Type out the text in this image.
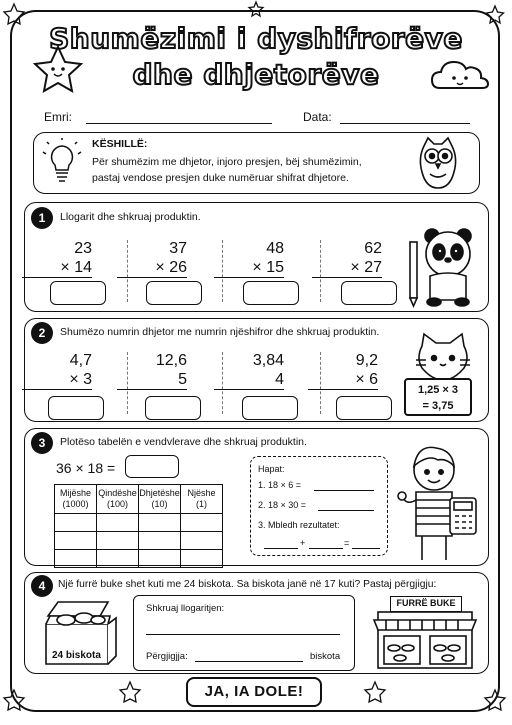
Shumëzimi i dyshifrorëve
dhe dhjetorëve
Emri:	Data:
KËSHILLË:
Për shumëzim me dhjetor, injoro presjen, bëj shumëzimin,
pastaj vendose presjen duke numëruar shifrat dhjetore.
1	Llogarit dhe shkruaj produktin.
23
× 14
37
× 26
48
× 15
62
× 27
2	Shumëzo numrin dhjetor me numrin njëshifror dhe shkruaj produktin.
4,7
× 3
12,6
5
3,84
4
9,2
× 6
1,25 × 3
= 3,75
3	Plotëso tabelën e vendvlerave dhe shkruaj produktin.
36 × 18 =
Mijëshe
(1000)	Qindëshe
(100)	Dhjetëshe
(10)	Njëshe
(1)

Hapat:
1. 18 × 6 =
2. 18 × 30 =
3. Mbledh rezultatet:
+	=
4	Një furrë buke shet kuti me 24 biskota. Sa biskota janë në 17 kuti? Pastaj përgjigju:
24 biskota
Shkruaj llogaritjen:
Përgjigjja:	biskota
FURRË BUKE
JA, IA DOLE!
